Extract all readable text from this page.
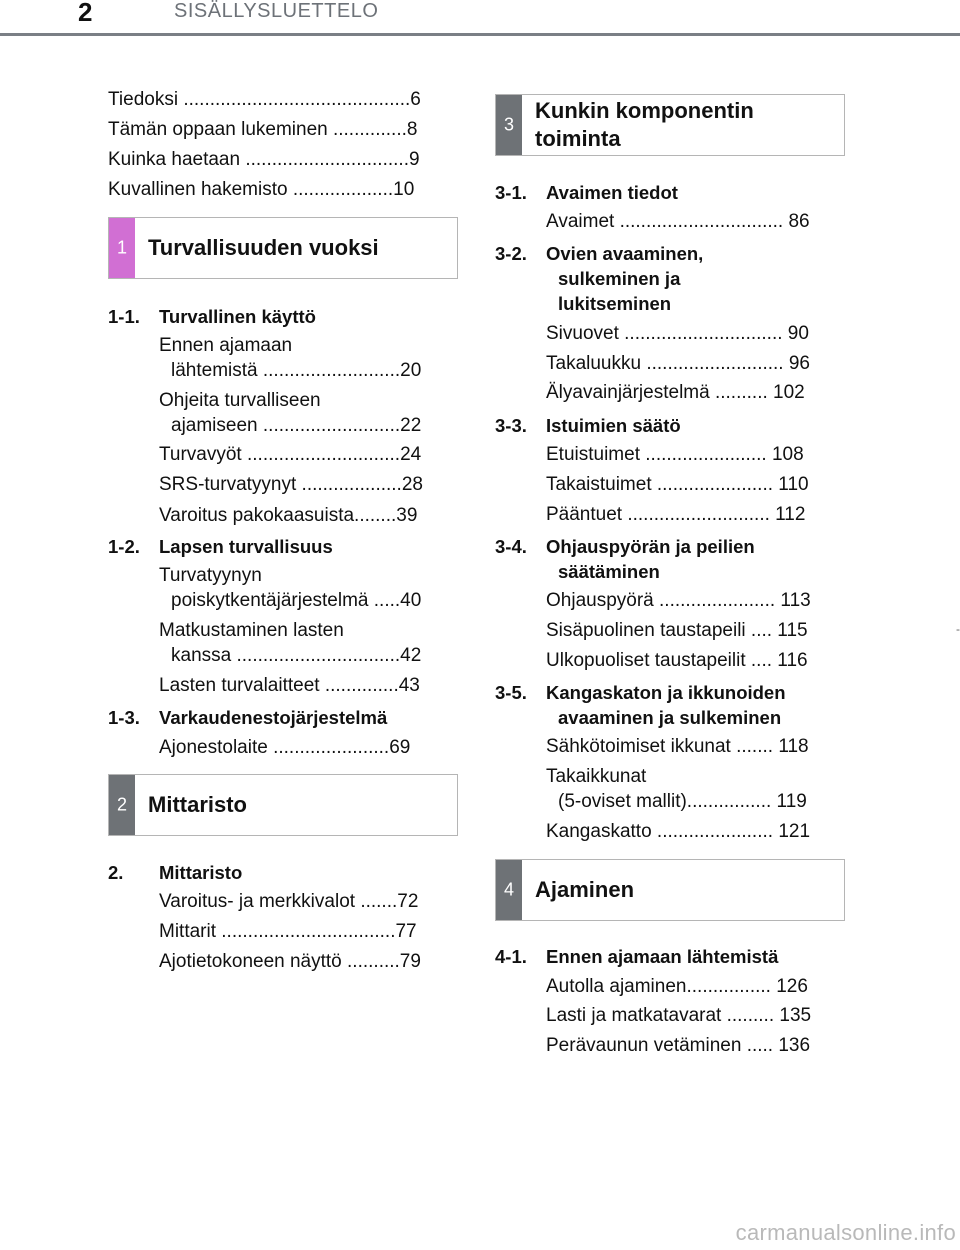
2	SISÄLLYSLUETTELO
Tiedoksi ...........................................6
Tämän oppaan lukeminen ..............8
Kuinka haetaan ...............................9
Kuvallinen hakemisto ...................10
1 Turvallisuuden vuoksi
1-1.	Turvallinen käyttö
Ennen ajamaan
lähtemistä ..........................20
Ohjeita turvalliseen
ajamiseen ..........................22
Turvavyöt .............................24
SRS-turvatyynyt ...................28
Varoitus pakokaasuista........39
1-2.	Lapsen turvallisuus
Turvatyynyn
poiskytkentäjärjestelmä .....40
Matkustaminen lasten
kanssa ...............................42
Lasten turvalaitteet ..............43
1-3.	Varkaudenestojärjestelmä
Ajonestolaite ......................69
2 Mittaristo
2.	Mittaristo
Varoitus- ja merkkivalot .......72
Mittarit .................................77
Ajotietokoneen näyttö ..........79
3
Kunkin komponentin toiminta
3-1.	Avaimen tiedot
Avaimet ............................... 86
3-2.	Ovien avaaminen,
sulkeminen ja
lukitseminen
Sivuovet .............................. 90
Takaluukku .......................... 96
Älyavainjärjestelmä .......... 102
3-3.	Istuimien säätö
Etuistuimet ....................... 108
Takaistuimet ...................... 110
Pääntuet ........................... 112
3-4.	Ohjauspyörän ja peilien
säätäminen
Ohjauspyörä ...................... 113
Sisäpuolinen taustapeili .... 115
Ulkopuoliset taustapeilit .... 116
3-5.	Kangaskaton ja ikkunoiden
avaaminen ja sulkeminen
Sähkötoimiset ikkunat ....... 118
Takaikkunat
(5-oviset mallit)................ 119
Kangaskatto ...................... 121
4 Ajaminen
4-1.	Ennen ajamaan lähtemistä
Autolla ajaminen................ 126
Lasti ja matkatavarat ......... 135
Perävaunun vetäminen ..... 136
-
carmanualsonline.info
